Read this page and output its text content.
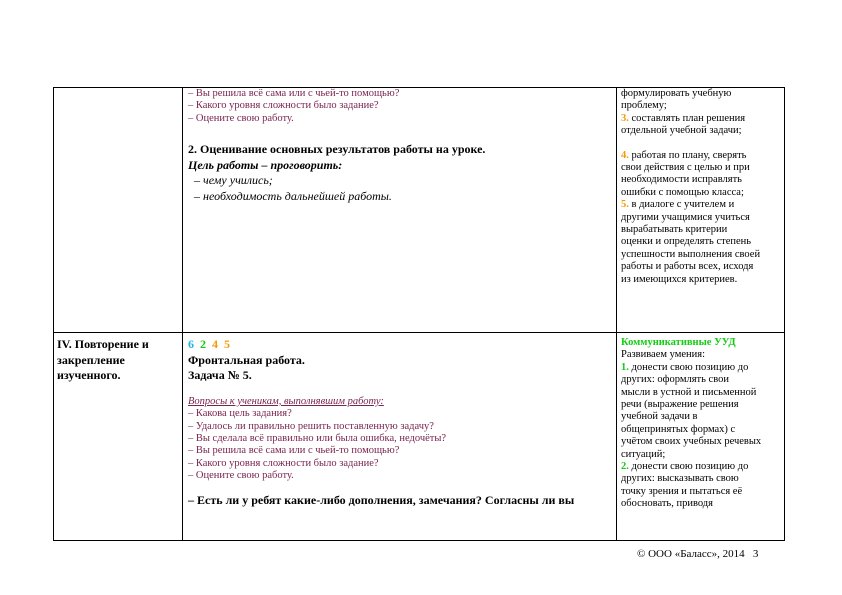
– Вы решила всё сама или с чьей-то помощью?
– Какого уровня сложности было задание?
– Оцените свою работу.
2. Оценивание основных результатов работы на уроке.
Цель работы – проговорить:
– чему учились;
– необходимость дальнейшей работы.
формулировать учебную
проблему;
3. составлять план решения
отдельной учебной задачи;
4. работая по плану, сверять
свои действия с целью и при
необходимости исправлять
ошибки с помощью класса;
5. в диалоге с учителем и
другими учащимися учиться
вырабатывать критерии
оценки и определять степень
успешности выполнения своей
работы и работы всех, исходя
из имеющихся критериев.
IV. Повторение и
закрепление
изученного.
6 2 4 5
Фронтальная работа.
Задача № 5.
Вопросы к ученикам, выполнявшим работу:
– Какова цель задания?
– Удалось ли правильно решить поставленную задачу?
– Вы сделала всё правильно или была ошибка, недочёты?
– Вы решила всё сама или с чьей-то помощью?
– Какого уровня сложности было задание?
– Оцените свою работу.
– Есть ли у ребят какие-либо дополнения, замечания? Согласны ли вы
Коммуникативные УУД
Развиваем умения:
1. донести свою позицию до
других: оформлять свои
мысли в устной и письменной
речи (выражение решения
учебной задачи в
общепринятых формах) с
учётом своих учебных речевых
ситуаций;
2. донести свою позицию до
других: высказывать свою
точку зрения и пытаться её
обосновать, приводя
© ООО «Баласс», 2014 3
